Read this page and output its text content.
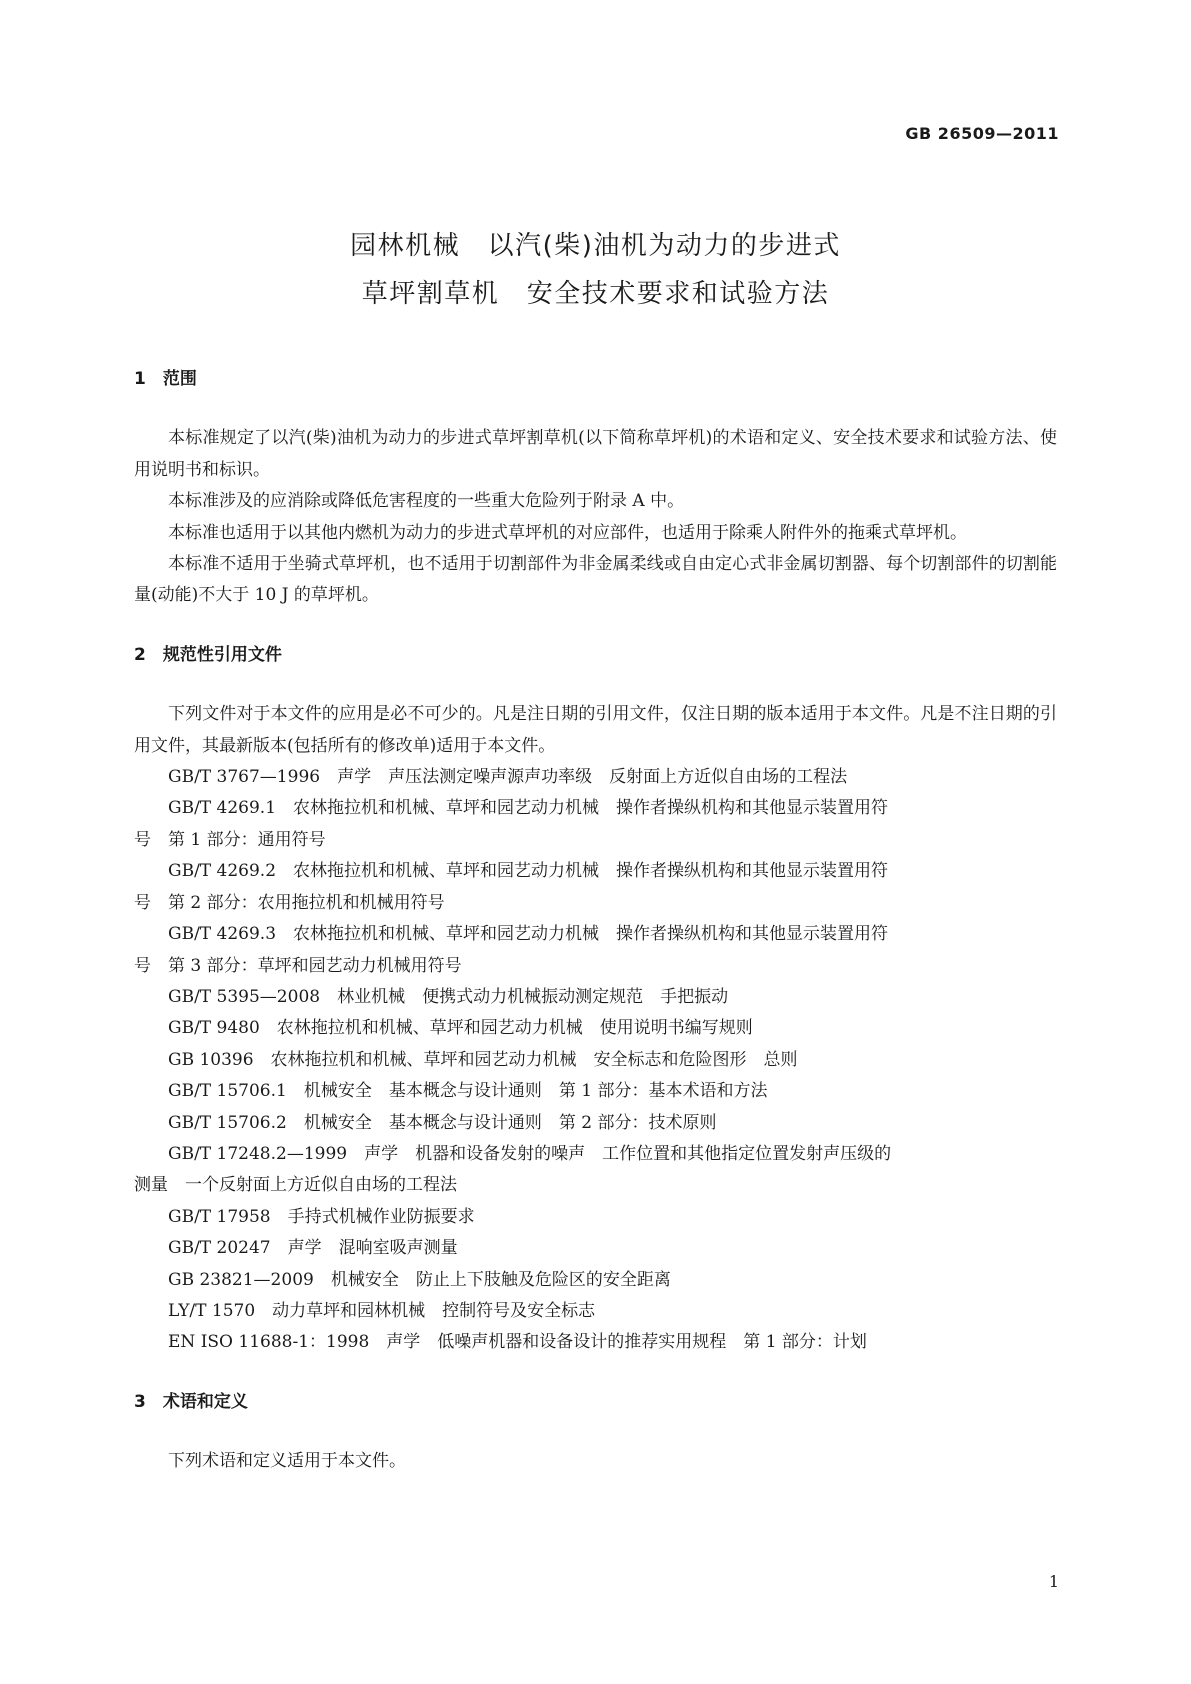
GB 26509—2011
园林机械　以汽(柴)油机为动力的步进式
草坪割草机　安全技术要求和试验方法

1　范围

本标准规定了以汽(柴)油机为动力的步进式草坪割草机(以下简称草坪机)的术语和定义、安全技术要求和试验方法、使用说明书和标识。

本标准涉及的应消除或降低危害程度的一些重大危险列于附录 A 中。

本标准也适用于以其他内燃机为动力的步进式草坪机的对应部件，也适用于除乘人附件外的拖乘式草坪机。

本标准不适用于坐骑式草坪机，也不适用于切割部件为非金属柔线或自由定心式非金属切割器、每个切割部件的切割能量(动能)不大于 10 J 的草坪机。

2　规范性引用文件

下列文件对于本文件的应用是必不可少的。凡是注日期的引用文件，仅注日期的版本适用于本文件。凡是不注日期的引用文件，其最新版本(包括所有的修改单)适用于本文件。

GB/T 3767—1996　声学　声压法测定噪声源声功率级　反射面上方近似自由场的工程法

GB/T 4269.1　农林拖拉机和机械、草坪和园艺动力机械　操作者操纵机构和其他显示装置用符

号　第 1 部分：通用符号

GB/T 4269.2　农林拖拉机和机械、草坪和园艺动力机械　操作者操纵机构和其他显示装置用符

号　第 2 部分：农用拖拉机和机械用符号

GB/T 4269.3　农林拖拉机和机械、草坪和园艺动力机械　操作者操纵机构和其他显示装置用符

号　第 3 部分：草坪和园艺动力机械用符号

GB/T 5395—2008　林业机械　便携式动力机械振动测定规范　手把振动

GB/T 9480　农林拖拉机和机械、草坪和园艺动力机械　使用说明书编写规则

GB 10396　农林拖拉机和机械、草坪和园艺动力机械　安全标志和危险图形　总则

GB/T 15706.1　机械安全　基本概念与设计通则　第 1 部分：基本术语和方法

GB/T 15706.2　机械安全　基本概念与设计通则　第 2 部分：技术原则

GB/T 17248.2—1999　声学　机器和设备发射的噪声　工作位置和其他指定位置发射声压级的

测量　一个反射面上方近似自由场的工程法

GB/T 17958　手持式机械作业防振要求

GB/T 20247　声学　混响室吸声测量

GB 23821—2009　机械安全　防止上下肢触及危险区的安全距离

LY/T 1570　动力草坪和园林机械　控制符号及安全标志

EN ISO 11688-1：1998　声学　低噪声机器和设备设计的推荐实用规程　第 1 部分：计划

3　术语和定义

下列术语和定义适用于本文件。

1
